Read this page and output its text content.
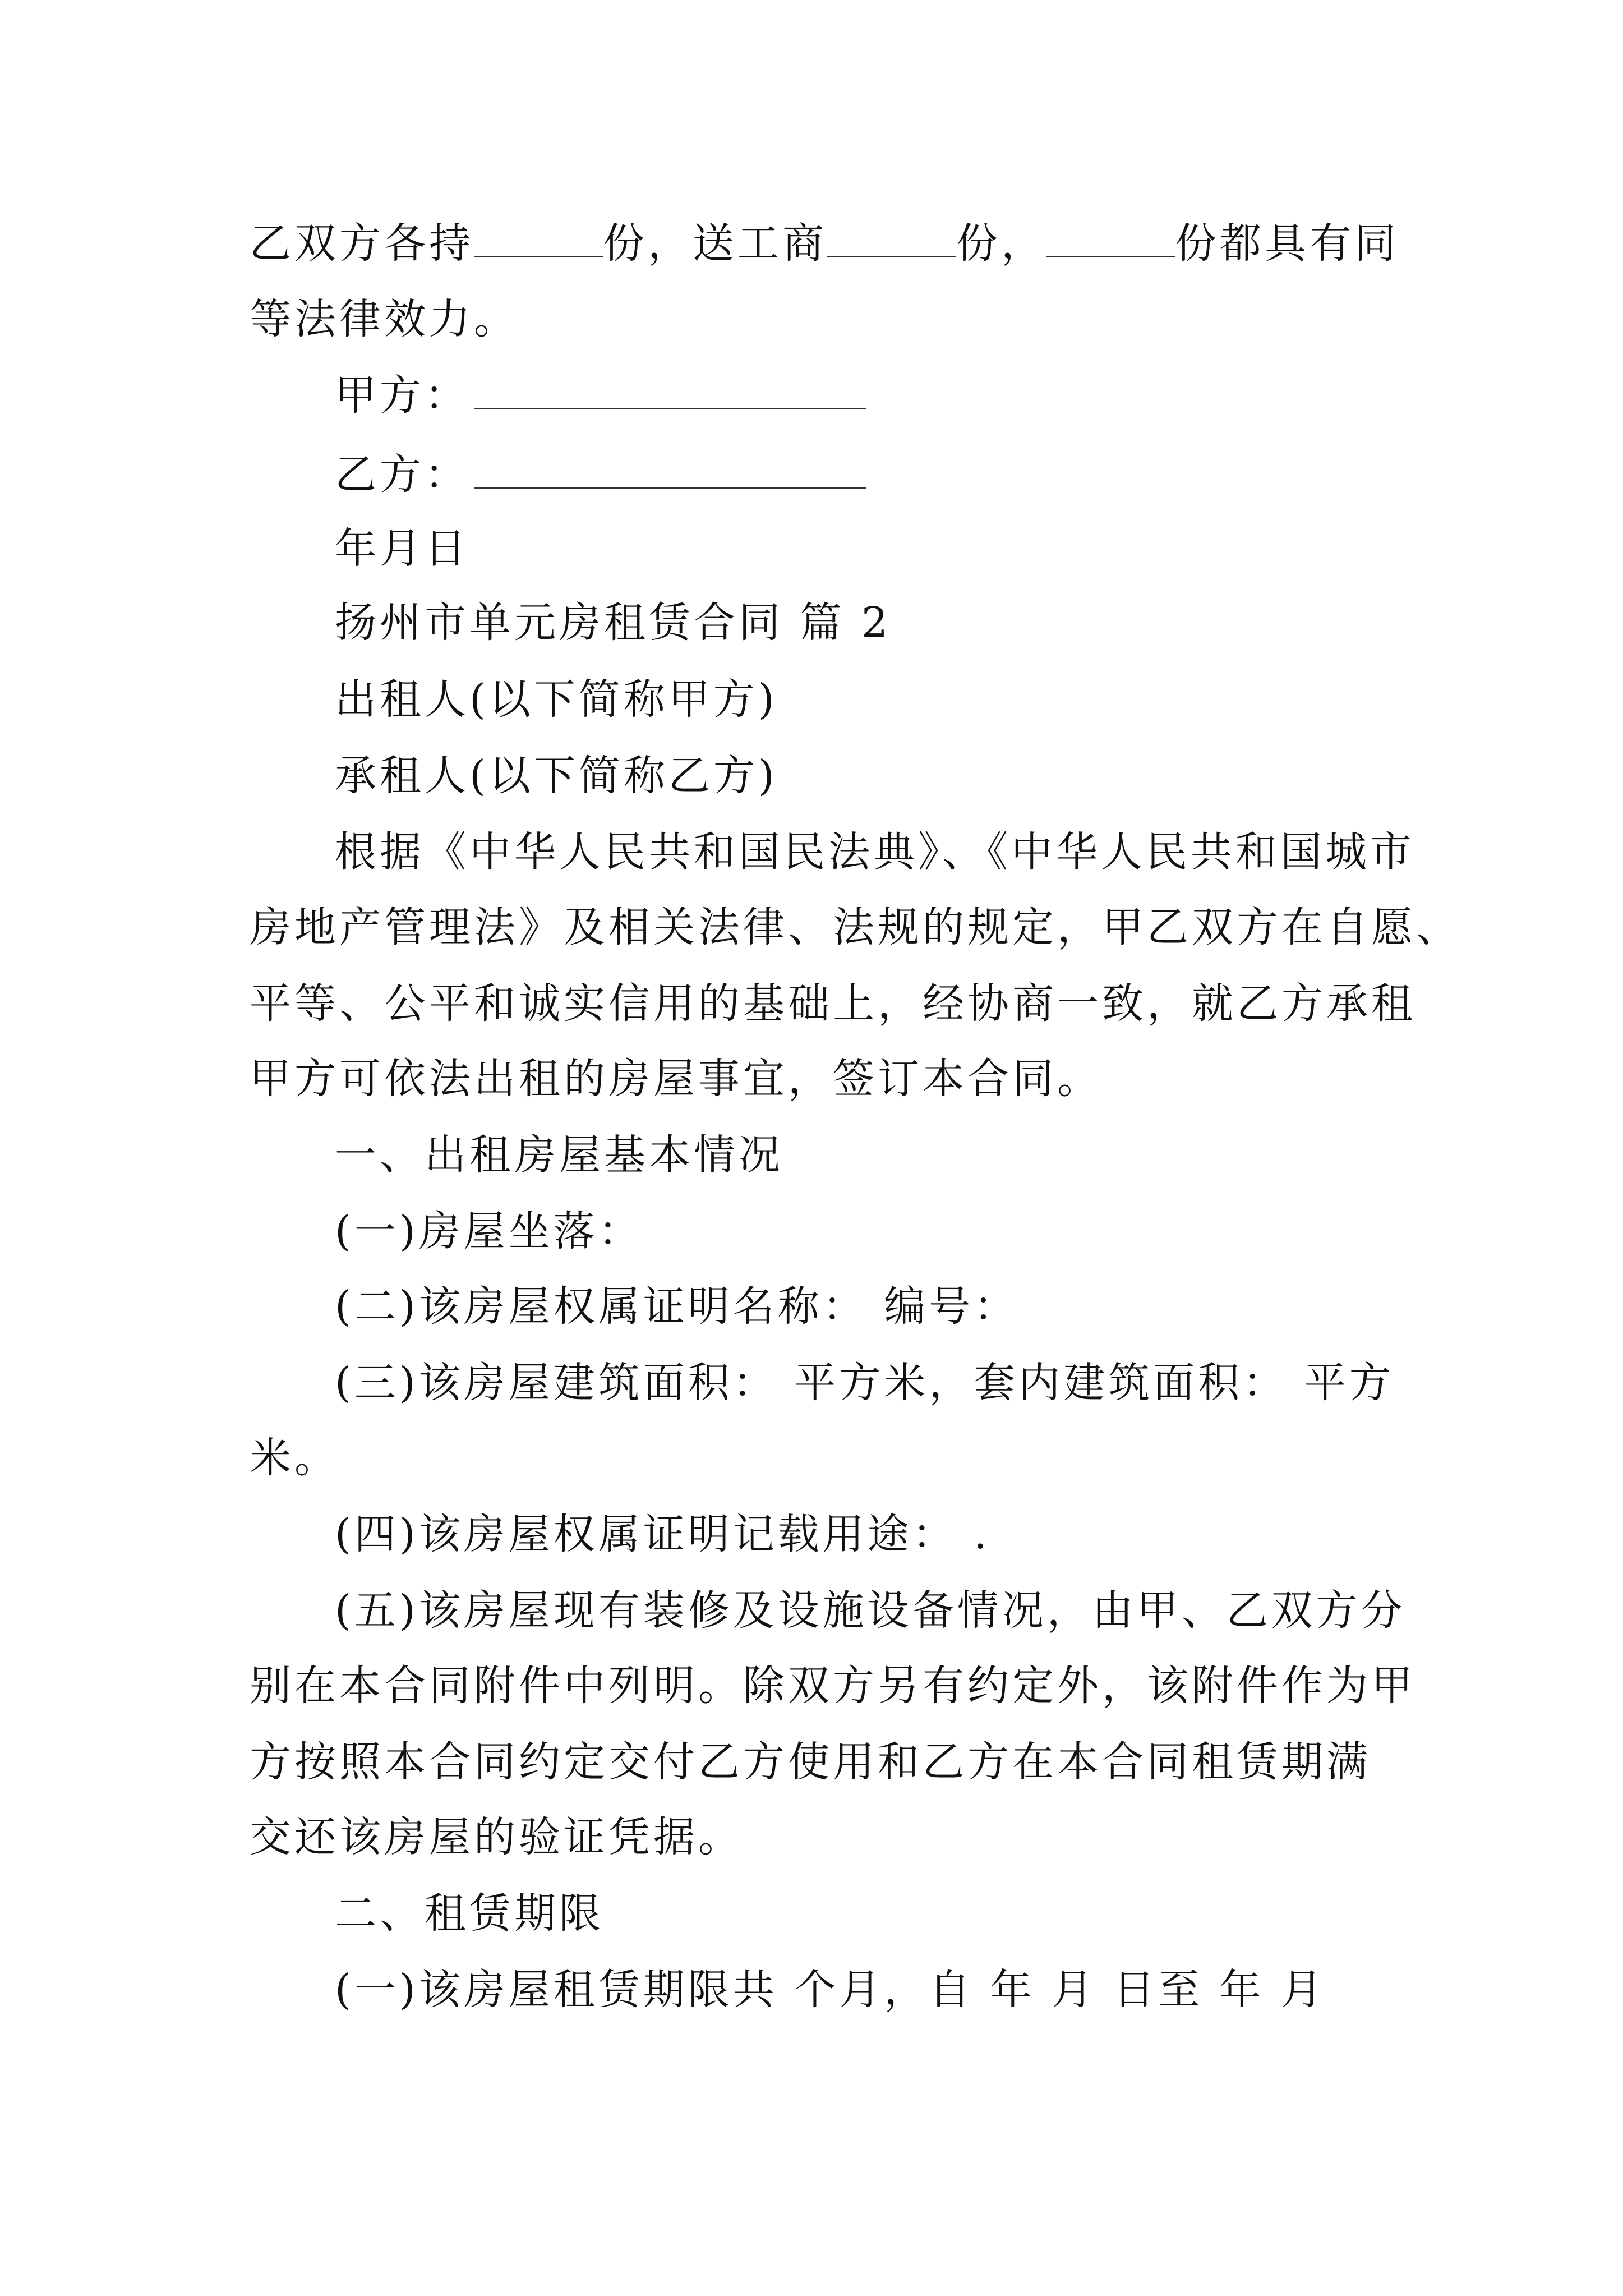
乙双方各持	份，送工商	份，	份都具有同
等法律效力。
甲方：
乙方：
年月日
扬州市单元房租赁合同 篇 2
出租人(以下简称甲方)
承租人(以下简称乙方)
根据《中华人民共和国民法典》、《中华人民共和国城市
房地产管理法》及相关法律、法规的规定，甲乙双方在自愿、
平等、公平和诚实信用的基础上，经协商一致，就乙方承租
甲方可依法出租的房屋事宜，签订本合同。
一、出租房屋基本情况
(一)房屋坐落：
(二)该房屋权属证明名称： 编号：
(三)该房屋建筑面积： 平方米，套内建筑面积： 平方
米。
(四)该房屋权属证明记载用途： .
(五)该房屋现有装修及设施设备情况，由甲、乙双方分
别在本合同附件中列明。除双方另有约定外，该附件作为甲
方按照本合同约定交付乙方使用和乙方在本合同租赁期满
交还该房屋的验证凭据。
二、租赁期限
(一)该房屋租赁期限共 个月，自 年 月 日至 年 月
